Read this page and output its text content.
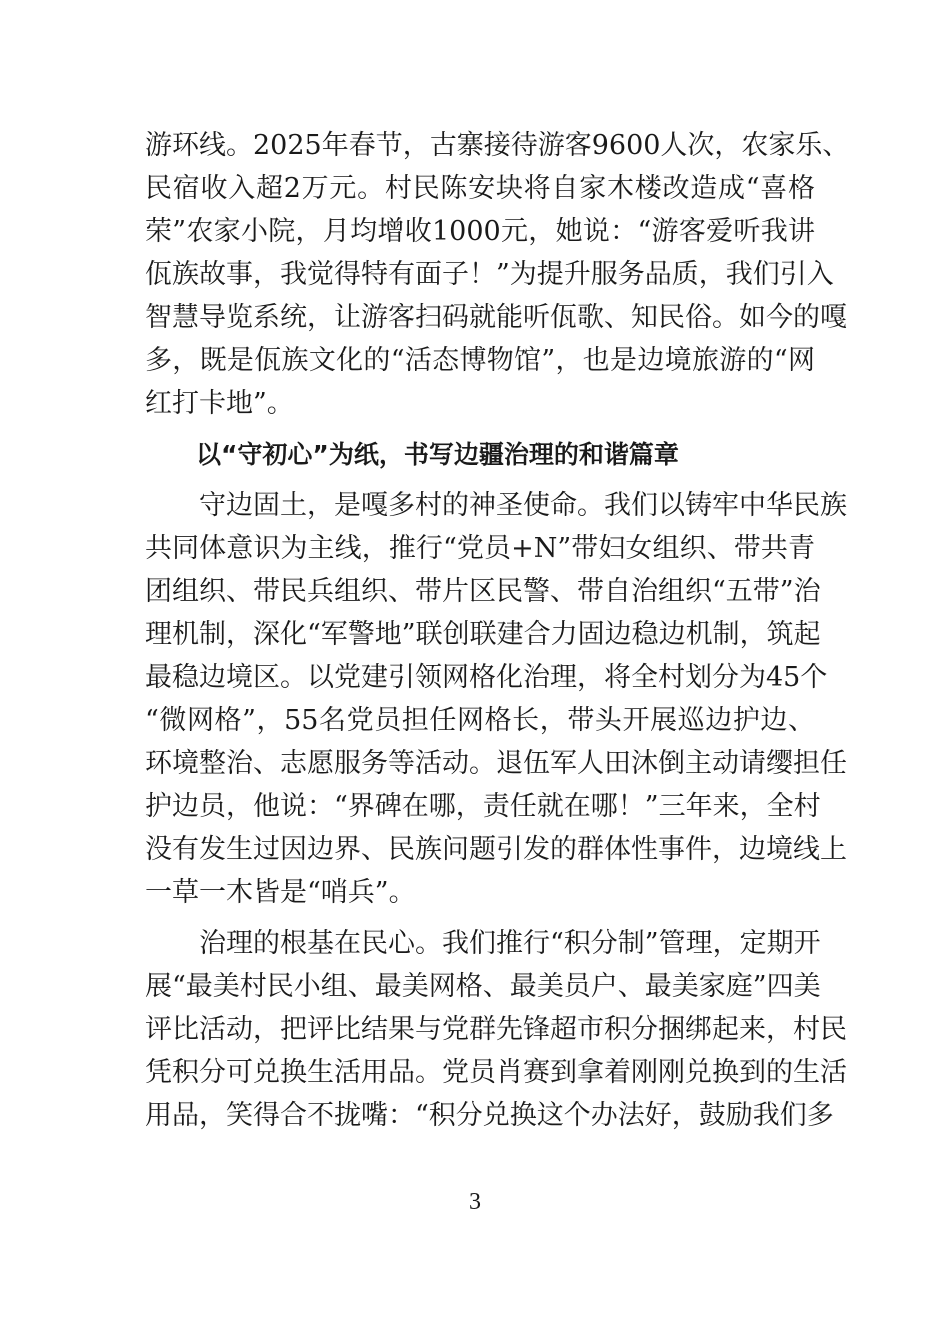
游环线。2025年春节，古寨接待游客9600人次，农家乐、
民宿收入超2万元。村民陈安块将自家木楼改造成“喜格
荣”农家小院，月均增收1000元，她说：“游客爱听我讲
佤族故事，我觉得特有面子！”为提升服务品质，我们引入
智慧导览系统，让游客扫码就能听佤歌、知民俗。如今的嘎
多，既是佤族文化的“活态博物馆”，也是边境旅游的“网
红打卡地”。
以“守初心”为纸，书写边疆治理的和谐篇章
守边固土，是嘎多村的神圣使命。我们以铸牢中华民族
共同体意识为主线，推行“党员+N”带妇女组织、带共青
团组织、带民兵组织、带片区民警、带自治组织“五带”治
理机制，深化“军警地”联创联建合力固边稳边机制，筑起
最稳边境区。以党建引领网格化治理，将全村划分为45个
“微网格”，55名党员担任网格长，带头开展巡边护边、
环境整治、志愿服务等活动。退伍军人田沐倒主动请缨担任
护边员，他说：“界碑在哪，责任就在哪！”三年来，全村
没有发生过因边界、民族问题引发的群体性事件，边境线上
一草一木皆是“哨兵”。
治理的根基在民心。我们推行“积分制”管理，定期开
展“最美村民小组、最美网格、最美员户、最美家庭”四美
评比活动，把评比结果与党群先锋超市积分捆绑起来，村民
凭积分可兑换生活用品。党员肖赛到拿着刚刚兑换到的生活
用品，笑得合不拢嘴：“积分兑换这个办法好，鼓励我们多
3
